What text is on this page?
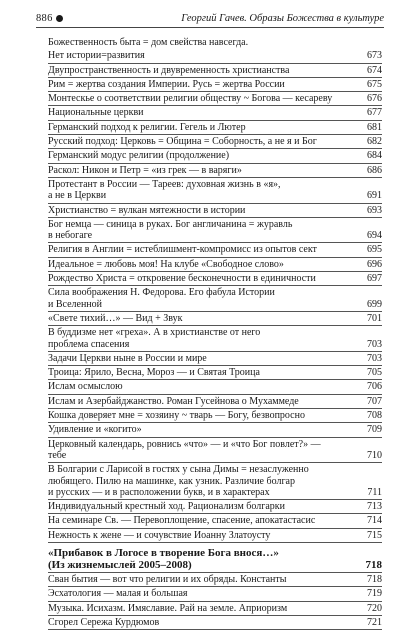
886	Георгий Гачев. Образы Божества в культуре
Божественность быта = дом свейства навсегда.
Нет истории=развития	673
Двупространственность и двувременность христианства	674
Рим = жертва создания Империи. Русь = жертва России	675
Монтескье о соответствии религии обществу ~ Богова — кесареву	676
Национальные церкви	677
Германский подход к религии. Гегель и Лютер	681
Русский подход: Церковь = Община = Соборность, а не я и Бог	682
Германский модус религии (продолжение)	684
Раскол: Никон и Петр = «из грек — в варяги»	686
Протестант в России — Тареев: духовная жизнь в «я»,
а не в Церкви	691
Христианство = вулкан мятежности в истории	693
Бог немца — синица в руках. Бог англичанина = журавль
в небогаге	694
Религия в Англии = истеблишмент-компромисс из опытов сект	695
Идеальное = любовь моя! На клубе «Свободное слово»	696
Рождество Христа = откровение бесконечности в единичности	697
Сила воображения Н. Федорова. Его фабула Истории
и Вселенной	699
«Свете тихий…» — Вид + Звук	701
В буддизме нет «греха». А в христианстве от него
проблема спасения	703
Задачи Церкви ныне в России и мире	703
Троица: Ярило, Весна, Мороз — и Святая Троица	705
Ислам осмыслою	706
Ислам и Азербайджанство. Роман Гусейнова о Мухаммеде	707
Кошка доверяет мне = хозяину ~ тварь — Богу, безвопросно	708
Удивление и «когито»	709
Церковный календарь, ровнись «что» — и «что Бог повлет?» —
тебе	710
В Болгарии с Ларисой в гостях у сына Димы = незаслуженно
любящего. Пилю на машинке, как узник. Различие болгар
и русских — и в расположении букв, и в характерах	711
Индивидуальный крестный ход. Рационализм болгарки	713
На семинаре Св. — Перевоплощение, спасение, апокатастасис	714
Нежность к жене — и сочувствие Иоанну Златоусту	715
«Прибавок в Логосе в творение Бога внося…»
(Из жизнемыслей 2005–2008)	718
Сван бытия — вот что религии и их обряды. Константы	718
Эсхатология — малая и большая	719
Музыка. Исихазм. Имяславие. Рай на земле. Априоризм	720
Сгорел Сережа Курдюмов	721
